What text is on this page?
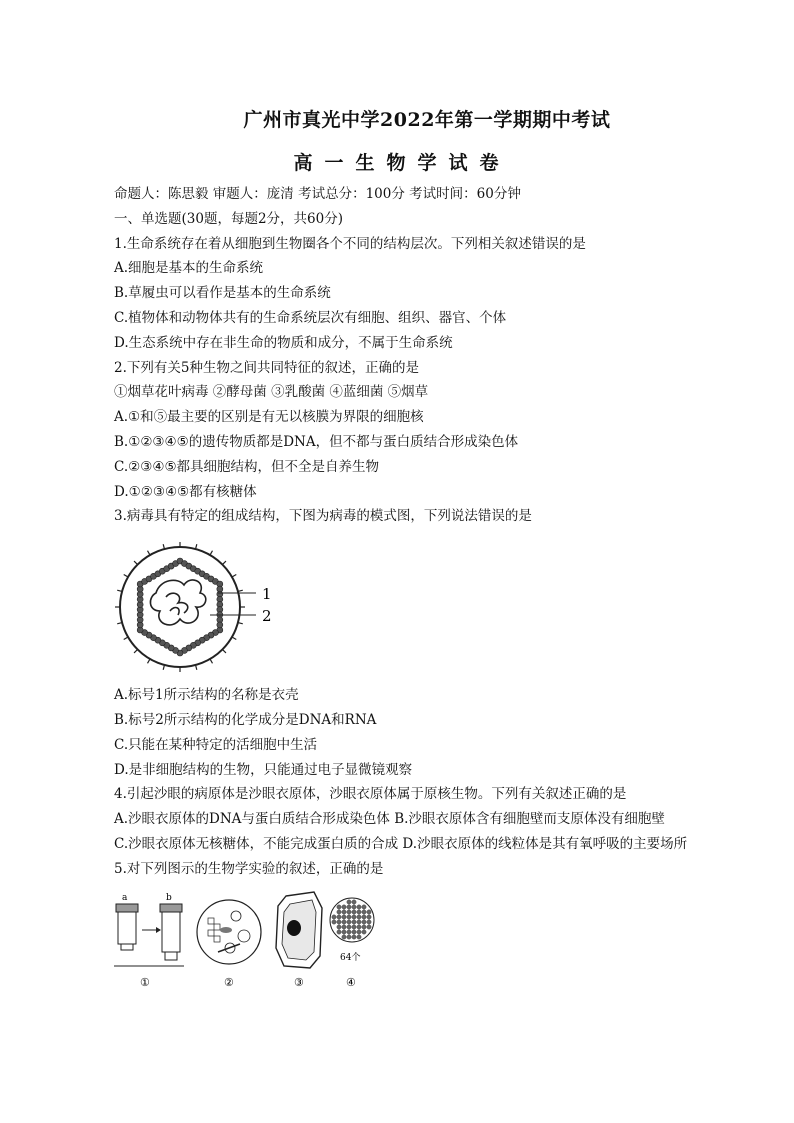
广州市真光中学2022年第一学期期中考试
高一生物学试卷
命题人：陈思毅 审题人：庞清 考试总分：100分 考试时间：60分钟
一、单选题(30题，每题2分，共60分)
1.生命系统存在着从细胞到生物圈各个不同的结构层次。下列相关叙述错误的是
A.细胞是基本的生命系统
B.草履虫可以看作是基本的生命系统
C.植物体和动物体共有的生命系统层次有细胞、组织、器官、个体
D.生态系统中存在非生命的物质和成分，不属于生命系统
2.下列有关5种生物之间共同特征的叙述，正确的是
①烟草花叶病毒 ②酵母菌 ③乳酸菌 ④蓝细菌 ⑤烟草
A.①和⑤最主要的区别是有无以核膜为界限的细胞核
B.①②③④⑤的遗传物质都是DNA，但不都与蛋白质结合形成染色体
C.②③④⑤都具细胞结构，但不全是自养生物
D.①②③④⑤都有核糖体
3.病毒具有特定的组成结构，下图为病毒的模式图，下列说法错误的是
1
2
A.标号1所示结构的名称是衣壳
B.标号2所示结构的化学成分是DNA和RNA
C.只能在某种特定的活细胞中生活
D.是非细胞结构的生物，只能通过电子显微镜观察
4.引起沙眼的病原体是沙眼衣原体，沙眼衣原体属于原核生物。下列有关叙述正确的是
A.沙眼衣原体的DNA与蛋白质结合形成染色体 B.沙眼衣原体含有细胞壁而支原体没有细胞壁
C.沙眼衣原体无核糖体，不能完成蛋白质的合成 D.沙眼衣原体的线粒体是其有氧呼吸的主要场所
5.对下列图示的生物学实验的叙述，正确的是
a	b
①	②	③
64个
④
